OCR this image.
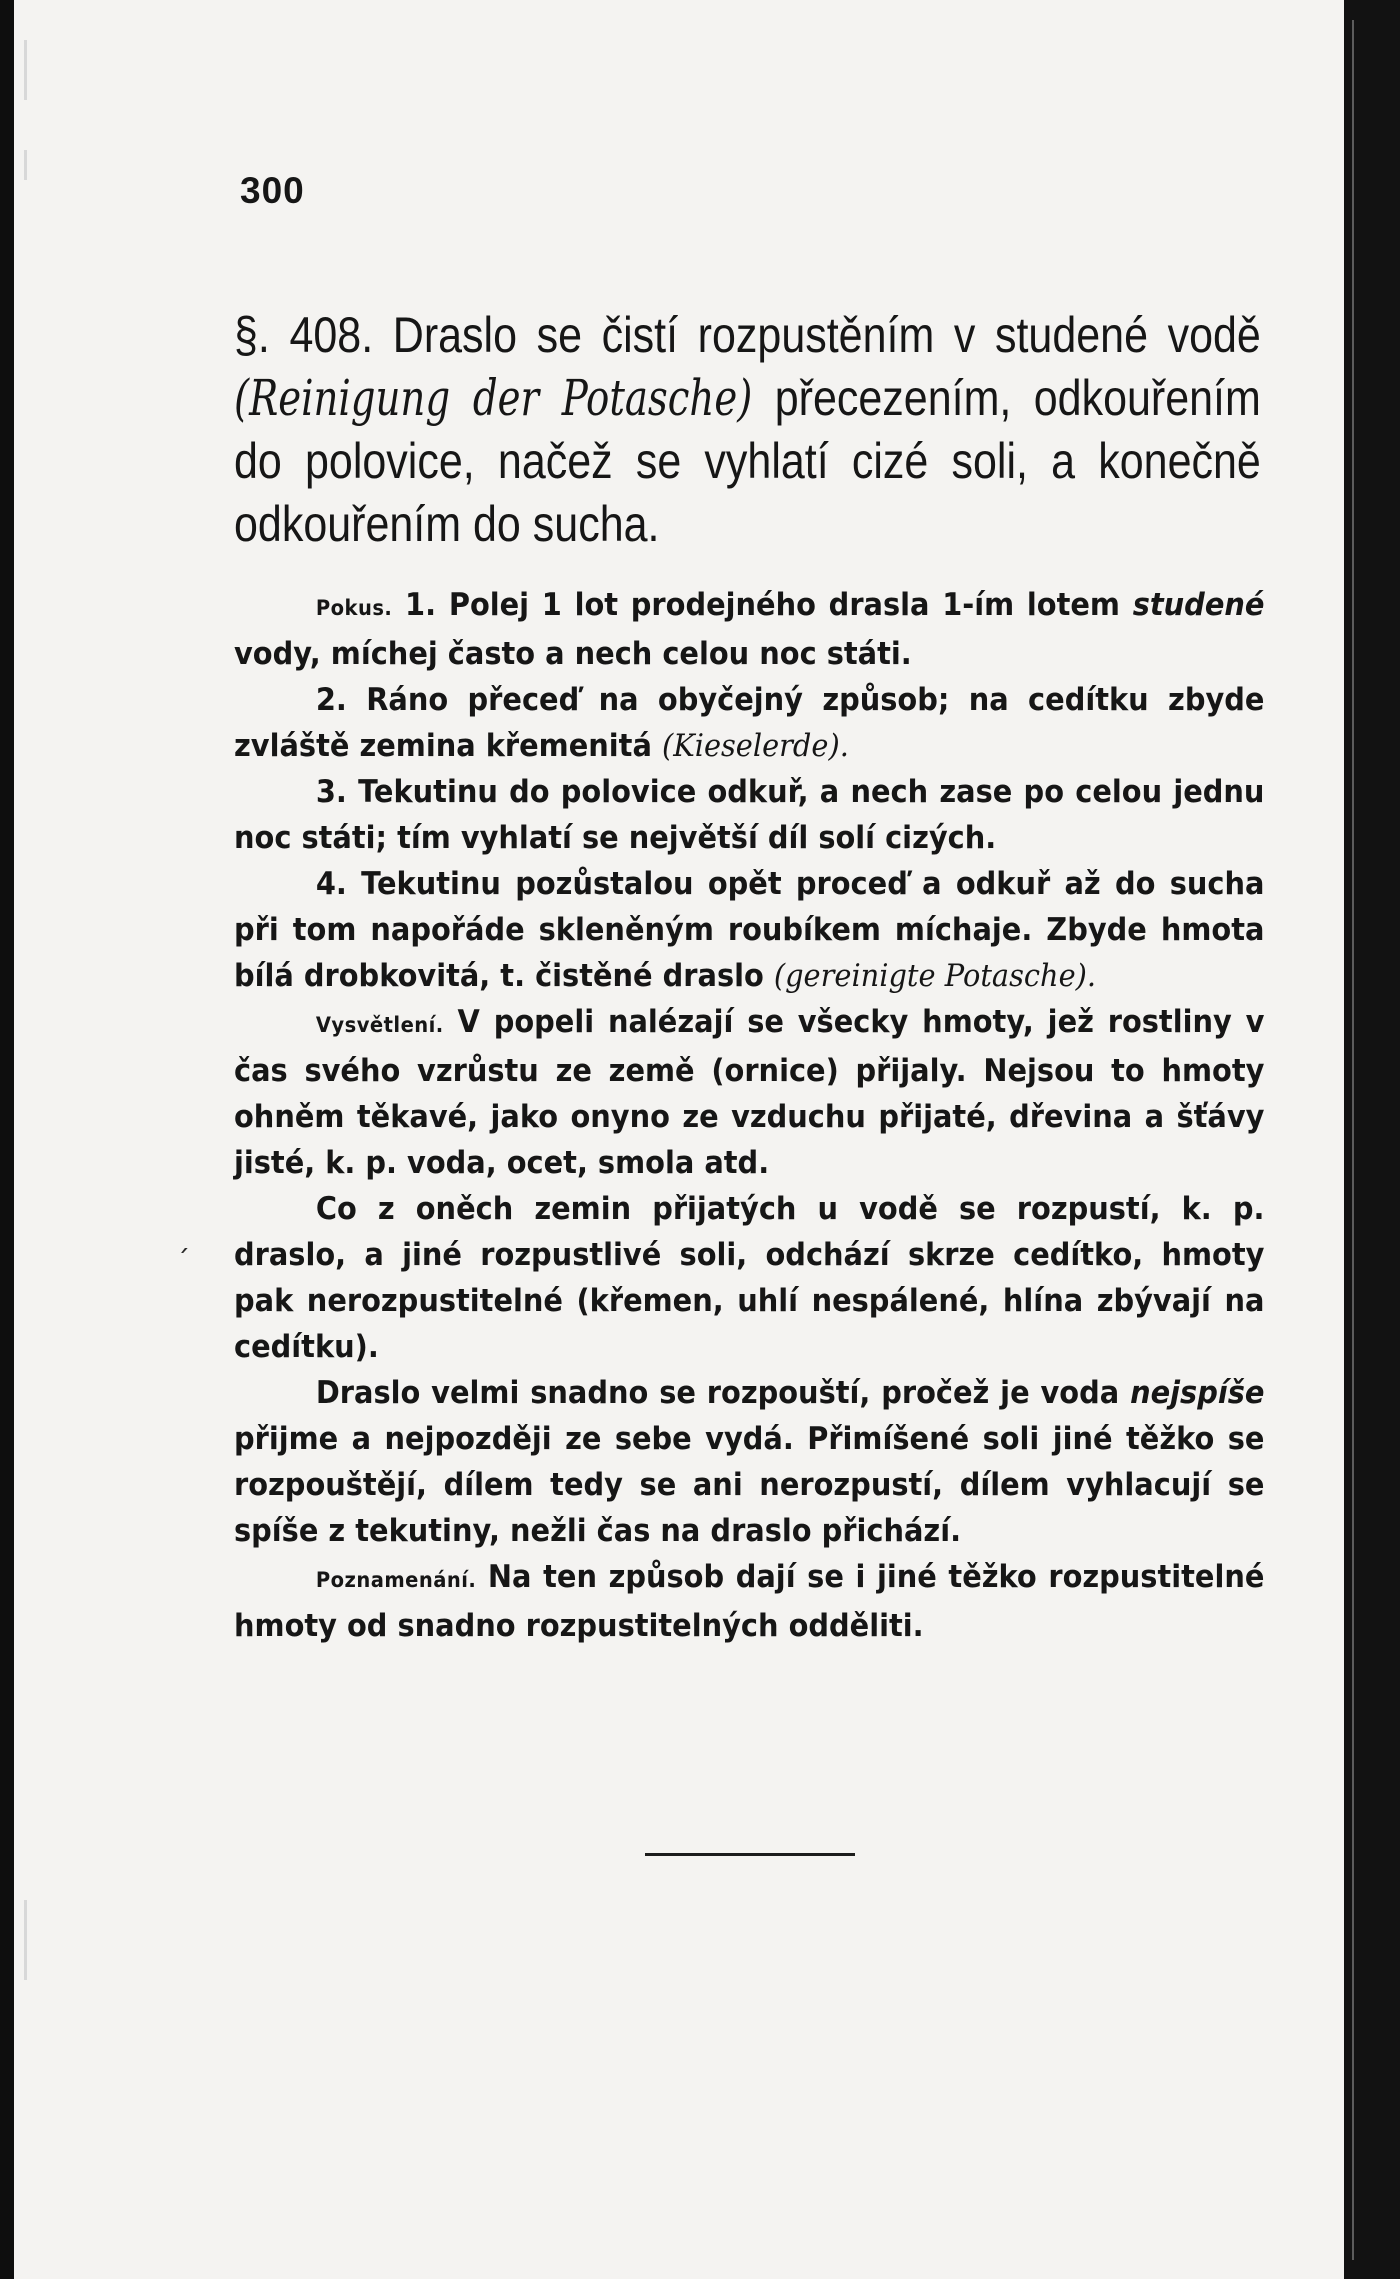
300
§. 408. Draslo se čistí rozpustěním v studené vodě (Reinigung der Potasche) přecezením, odkouřením do polovice, načež se vyhlatí cizé soli, a konečně odkouřením do sucha.

Pokus. 1. Polej 1 lot prodejného drasla 1-ím lotem studené vody, míchej často a nech celou noc státi.

2. Ráno přeceď na obyčejný způsob; na cedítku zbyde zvláště zemina křemenitá (Kieselerde).

3. Tekutinu do polovice odkuř, a nech zase po celou jednu noc státi; tím vyhlatí se největší díl solí cizých.

4. Tekutinu pozůstalou opět proceď a odkuř až do sucha při tom napořáde skleněným roubíkem míchaje. Zbyde hmota bílá drobkovitá, t. čistěné draslo (gereinigte Potasche).

Vysvětlení. V popeli nalézají se všecky hmoty, jež rostliny v čas svého vzrůstu ze země (ornice) přijaly. Nejsou to hmoty ohněm těkavé, jako onyno ze vzduchu přijaté, dřevina a šťávy jisté, k. p. voda, ocet, smola atd.

Co z oněch zemin přijatých u vodě se rozpustí, k. p. draslo, a jiné rozpustlivé soli, odchází skrze cedítko, hmoty pak nerozpustitelné (křemen, uhlí nespálené, hlína zbývají na cedítku).

Draslo velmi snadno se rozpouští, pročež je voda nejspíše přijme a nejpozději ze sebe vydá. Přimíšené soli jiné těžko se rozpouštějí, dílem tedy se ani nerozpustí, dílem vyhlacují se spíše z tekutiny, nežli čas na draslo přichází.

Poznamenání. Na ten způsob dají se i jiné těžko rozpustitelné hmoty od snadno rozpustitelných odděliti.

´
